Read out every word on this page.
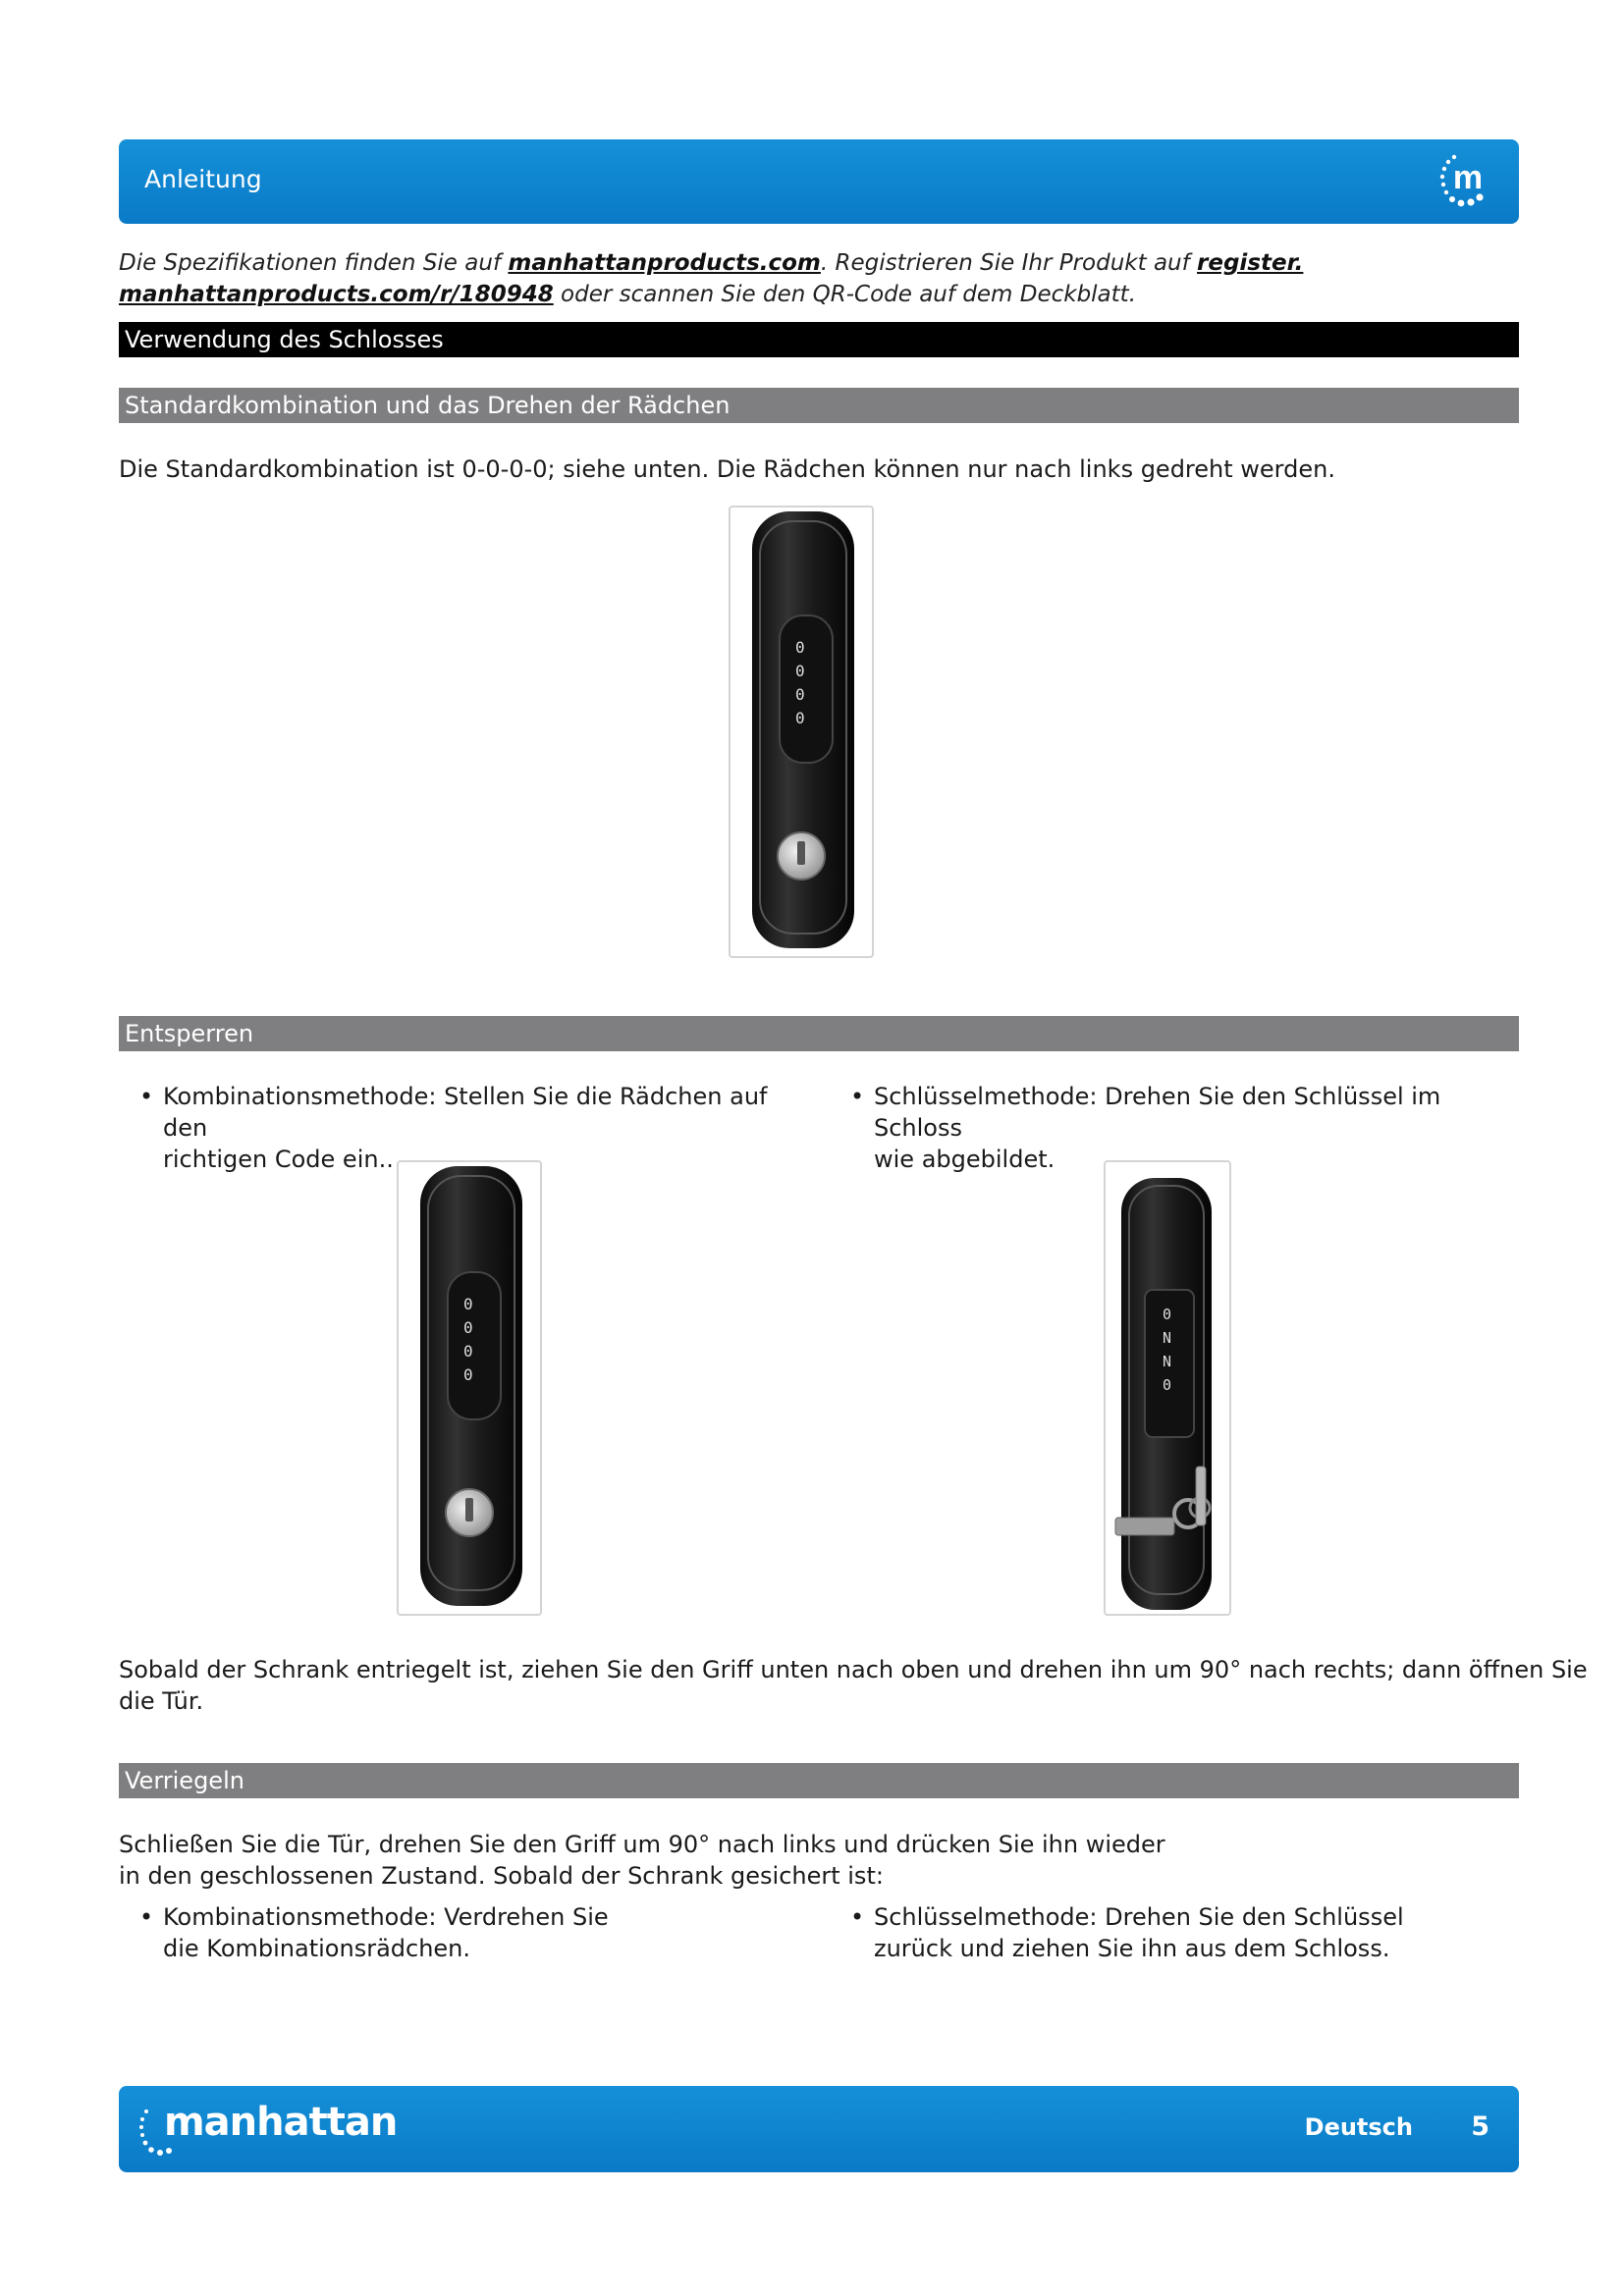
Anleitung	m
Die Spezifikationen finden Sie auf manhattanproducts.com. Registrieren Sie Ihr Produkt auf register.
manhattanproducts.com/r/180948 oder scannen Sie den QR-Code auf dem Deckblatt.
Verwendung des Schlosses
Standardkombination und das Drehen der Rädchen
Die Standardkombination ist 0-0-0-0; siehe unten. Die Rädchen können nur nach links gedreht werden.
0
0
0
0
Entsperren
• Kombinationsmethode: Stellen Sie die Rädchen auf den
richtigen Code ein..
• Schlüsselmethode: Drehen Sie den Schlüssel im Schloss
wie abgebildet.
0
0
0
0
0
N
N
0
Sobald der Schrank entriegelt ist, ziehen Sie den Griff unten nach oben und drehen ihn um 90° nach rechts; dann öffnen Sie die Tür.
Verriegeln
Schließen Sie die Tür, drehen Sie den Griff um 90° nach links und drücken Sie ihn wieder
in den geschlossenen Zustand. Sobald der Schrank gesichert ist:
• Kombinationsmethode: Verdrehen Sie
die Kombinationsrädchen.
• Schlüsselmethode: Drehen Sie den Schlüssel
zurück und ziehen Sie ihn aus dem Schloss.
manhattan	Deutsch 5
